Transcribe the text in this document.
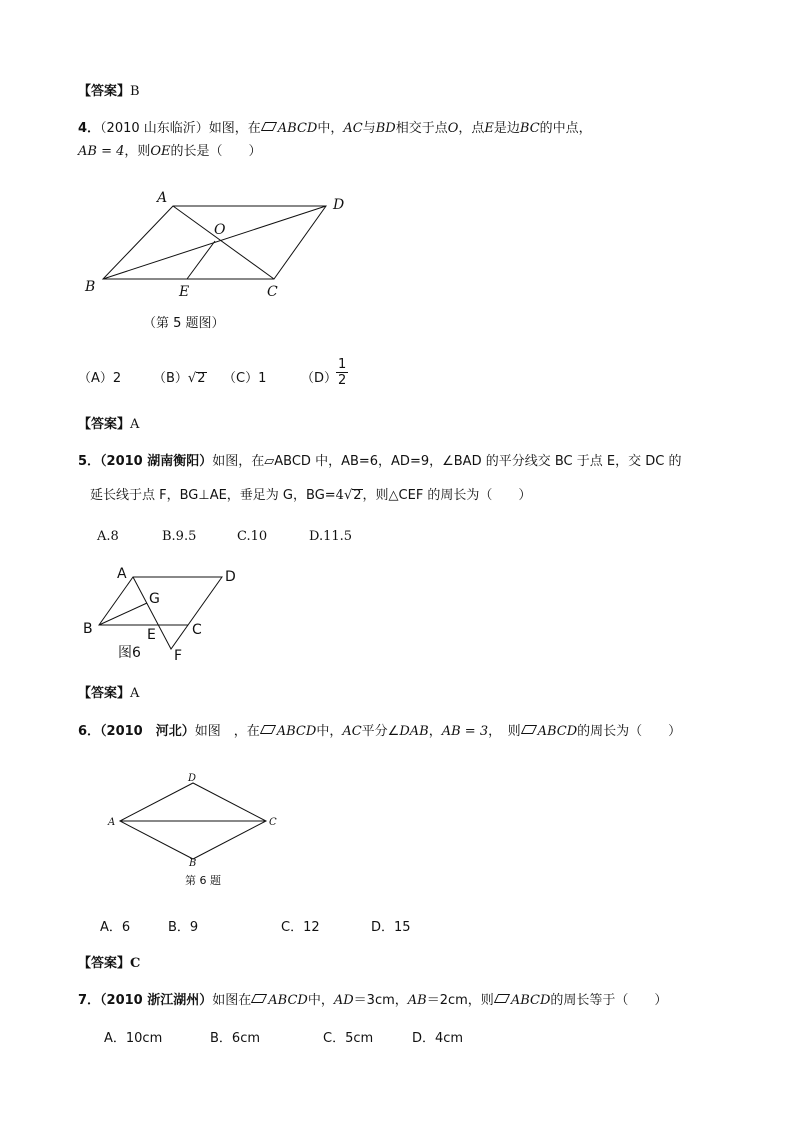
【答案】B
4．（2010 山东临沂）如图，在 ABCD中，AC与BD相交于点O，点E是边BC的中点，
AB = 4，则OE的长是（　　）
A	D
O
B	E	C
（第 5 题图）
（A）2 （B）√2 （C）1	（D）
$\frac{1}{2}$
【答案】A
5．（2010 湖南衡阳）如图，在▱ABCD 中，AB=6，AD=9，∠BAD 的平分线交 BC 于点 E，交 DC 的
延长线于点 F，BG⊥AE，垂足为 G，BG=4√2，则△CEF 的周长为（　　）
A.8	B.9.5	C.10	D.11.5
A	D
G
B	E	C
F
图6
【答案】A
6．（2010　河北）如图　，在 ABCD中，AC平分∠DAB，AB = 3，　则 ABCD的周长为（　　）
D
A	C
B
第 6 题
A．6	B．9	C．12	D．15
【答案】C
7．（2010 浙江湖州）如图在 ABCD中，AD＝3cm，AB＝2cm，则 ABCD的周长等于（　　）
A．10cm	B．6cm	C．5cm	D．4cm
